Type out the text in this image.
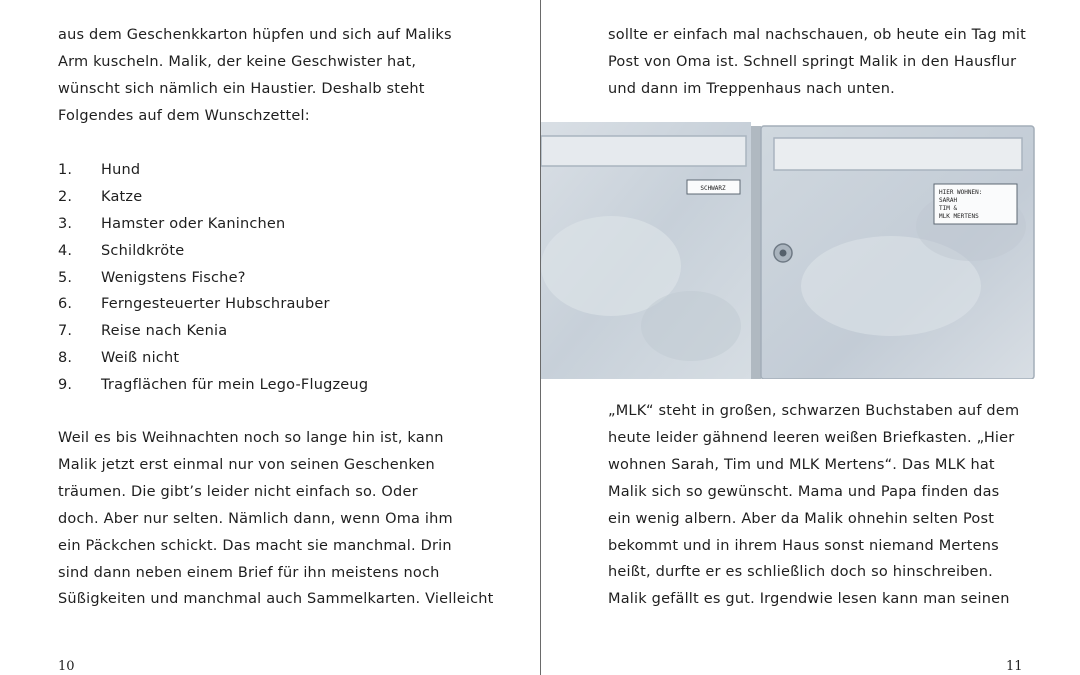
aus dem Geschenkkarton hüpfen und sich auf Maliks
Arm kuscheln. Malik, der keine Geschwister hat,
wünscht sich nämlich ein Haustier. Deshalb steht
Folgendes auf dem Wunschzettel:
1. Hund
2. Katze
3. Hamster oder Kaninchen
4. Schildkröte
5. Wenigstens Fische?
6. Ferngesteuerter Hubschrauber
7. Reise nach Kenia
8. Weiß nicht
9. Tragflächen für mein Lego-Flugzeug
Weil es bis Weihnachten noch so lange hin ist, kann
Malik jetzt erst einmal nur von seinen Geschenken
träumen. Die gibt’s leider nicht einfach so. Oder
doch. Aber nur selten. Nämlich dann, wenn Oma ihm
ein Päckchen schickt. Das macht sie manchmal. Drin
sind dann neben einem Brief für ihn meistens noch
Süßigkeiten und manchmal auch Sammelkarten. Vielleicht
10
sollte er einfach mal nachschauen, ob heute ein Tag mit
Post von Oma ist. Schnell springt Malik in den Hausflur
und dann im Treppenhaus nach unten.
SCHWARZ
HIER WOHNEN:
SARAH
TIM &
MLK MERTENS
„MLK“ steht in großen, schwarzen Buchstaben auf dem
heute leider gähnend leeren weißen Briefkasten. „Hier
wohnen Sarah, Tim und MLK Mertens“. Das MLK hat
Malik sich so gewünscht. Mama und Papa finden das
ein wenig albern. Aber da Malik ohnehin selten Post
bekommt und in ihrem Haus sonst niemand Mertens
heißt, durfte er es schließlich doch so hinschreiben.
Malik gefällt es gut. Irgendwie lesen kann man seinen
11
